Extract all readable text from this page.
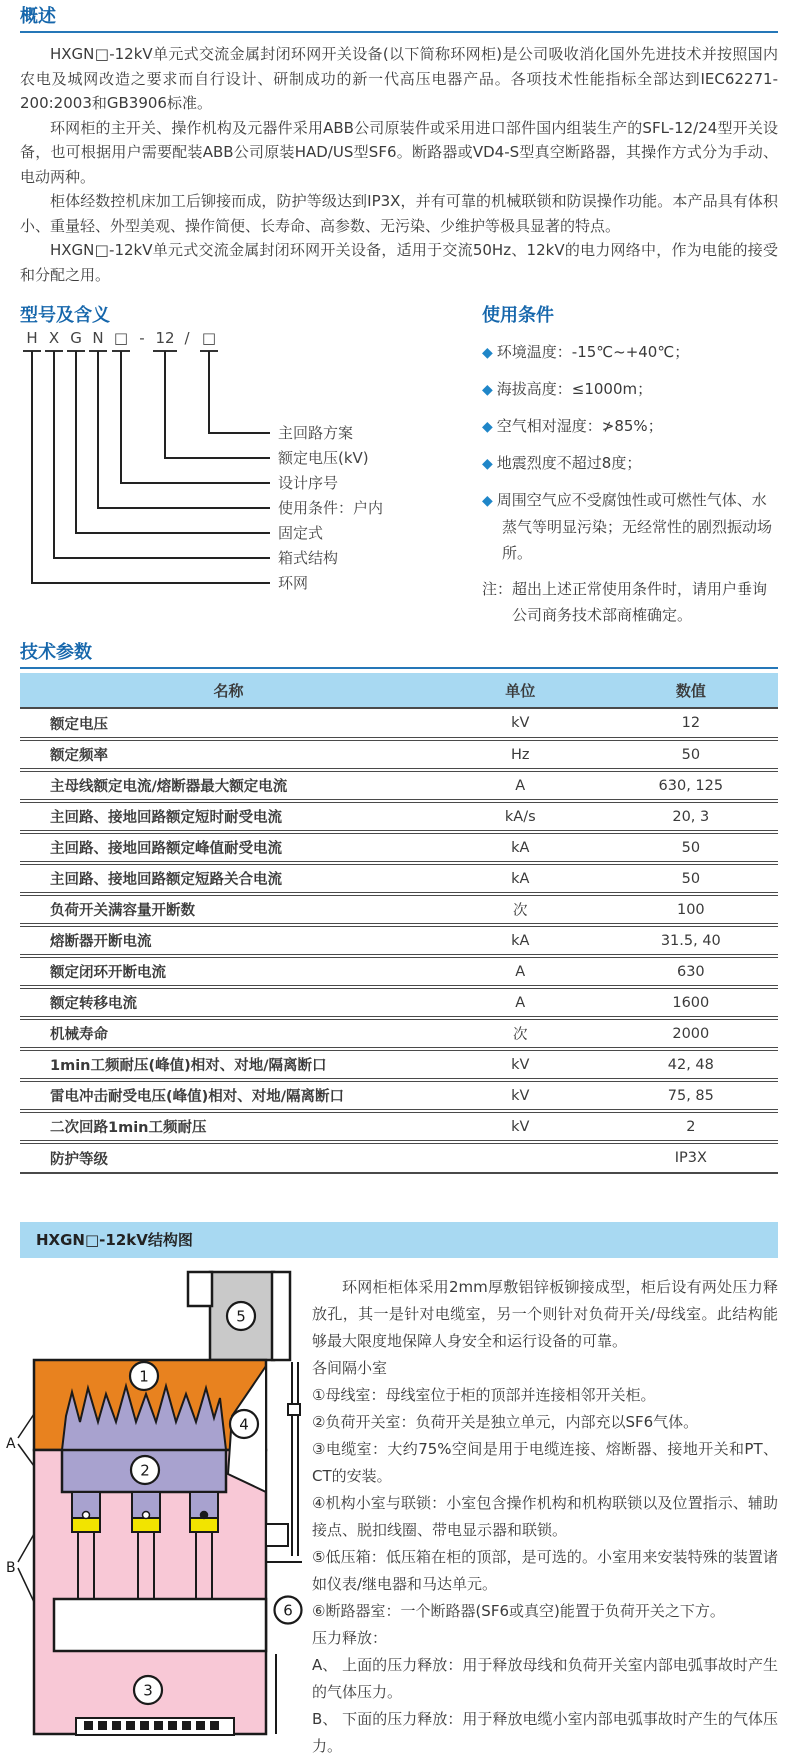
概述

HXGN□-12kV单元式交流金属封闭环网开关设备(以下简称环网柜)是公司吸收消化国外先进技术并按照国内农电及城网改造之要求而自行设计、研制成功的新一代高压电器产品。各项技术性能指标全部达到IEC62271-200:2003和GB3906标准。

环网柜的主开关、操作机构及元器件采用ABB公司原装件或采用进口部件国内组装生产的SFL-12/24型开关设备，也可根据用户需要配装ABB公司原装HAD/US型SF6。断路器或VD4-S型真空断路器，其操作方式分为手动、电动两种。

柜体经数控机床加工后铆接而成，防护等级达到IP3X，并有可靠的机械联锁和防误操作功能。本产品具有体积小、重量轻、外型美观、操作简便、长寿命、高参数、无污染、少维护等极具显著的特点。

HXGN□-12kV单元式交流金属封闭环网开关设备，适用于交流50Hz、12kV的电力网络中，作为电能的接受和分配之用。

型号及含义
H X G N □ - 12 / □
主回路方案
额定电压(kV)
设计序号
使用条件：户内
固定式
箱式结构
环网
使用条件
◆ 环境温度：-15℃~+40℃；
◆ 海拔高度：≤1000m；
◆ 空气相对湿度：≯85%；
◆ 地震烈度不超过8度；
◆ 周围空气应不受腐蚀性或可燃性气体、水蒸气等明显污染；无经常性的剧烈振动场所。

注：超出上述正常使用条件时，请用户垂询公司商务技术部商榷确定。

技术参数
名称	单位	数值
额定电压	kV	12
额定频率	Hz	50
主母线额定电流/熔断器最大额定电流	A	630, 125
主回路、接地回路额定短时耐受电流	kA/s	20, 3
主回路、接地回路额定峰值耐受电流	kA	50
主回路、接地回路额定短路关合电流	kA	50
负荷开关满容量开断数	次	100
熔断器开断电流	kA	31.5, 40
额定闭环开断电流	A	630
额定转移电流	A	1600
机械寿命	次	2000
1min工频耐压(峰值)相对、对地/隔离断口	kV	42, 48
雷电冲击耐受电压(峰值)相对、对地/隔离断口	kV	75, 85
二次回路1min工频耐压	kV	2
防护等级		IP3X
HXGN□-12kV结构图
1
2
3
4
5
6
A
B

环网柜柜体采用2mm厚敷铝锌板铆接成型，柜后设有两处压力释放孔，其一是针对电缆室，另一个则针对负荷开关/母线室。此结构能够最大限度地保障人身安全和运行设备的可靠。

各间隔小室

①母线室：母线室位于柜的顶部并连接相邻开关柜。

②负荷开关室：负荷开关是独立单元，内部充以SF6气体。

③电缆室：大约75%空间是用于电缆连接、熔断器、接地开关和PT、CT的安装。

④机构小室与联锁：小室包含操作机构和机构联锁以及位置指示、辅助接点、脱扣线圈、带电显示器和联锁。

⑤低压箱：低压箱在柜的顶部，是可选的。小室用来安装特殊的装置诸如仪表/继电器和马达单元。

⑥断路器室：一个断路器(SF6或真空)能置于负荷开关之下方。

压力释放：

A、 上面的压力释放：用于释放母线和负荷开关室内部电弧事故时产生的气体压力。

B、 下面的压力释放：用于释放电缆小室内部电弧事故时产生的气体压力。
